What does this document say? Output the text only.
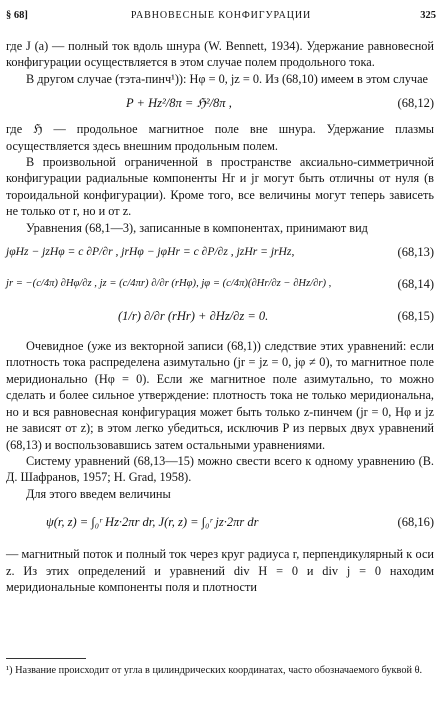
§ 68]	РАВНОВЕСНЫЕ КОНФИГУРАЦИИ	325

где J (a) — полный ток вдоль шнура (W. Bennett, 1934). Удержание равновесной конфигурации осуществляется в этом случае полем продольного тока.

В другом случае (тэта-пинч¹)): Hφ = 0, jz = 0. Из (68,10) имеем в этом случае

P + Hz²/8π = ℌ²/8π ,	(68,12)

где ℌ — продольное магнитное поле вне шнура. Удержание плазмы осуществляется здесь внешним продольным полем.

В произвольной ограниченной в пространстве аксиально-симметричной конфигурации радиальные компоненты Hr и jr могут быть отличны от нуля (в тороидальной конфигурации). Кроме того, все величины могут теперь зависеть не только от r, но и от z.

Уравнения (68,1—3), записанные в компонентах, принимают вид

jφHz − jzHφ = c ∂P/∂r , jrHφ − jφHr = c ∂P/∂z , jzHr = jrHz,	(68,13)
jr = −(c/4π) ∂Hφ/∂z , jz = (c/4πr) ∂/∂r (rHφ), jφ = (c/4π)(∂Hr/∂z − ∂Hz/∂r) ,	(68,14)
(1/r) ∂/∂r (rHr) + ∂Hz/∂z = 0.	(68,15)

Очевидное (уже из векторной записи (68,1)) следствие этих уравнений: если плотность тока распределена азимутально (jr = jz = 0, jφ ≠ 0), то магнитное поле меридионально (Hφ = 0). Если же магнитное поле азимутально, то можно сделать и более сильное утверждение: плотность тока не только меридиональна, но и вся равновесная конфигурация может быть только z-пинчем (jr = 0, Hφ и jz не зависят от z); в этом легко убедиться, исключив P из первых двух уравнений (68,13) и воспользовавшись затем остальными уравнениями.

Систему уравнений (68,13—15) можно свести всего к одному уравнению (В. Д. Шафранов, 1957; H. Grad, 1958).

Для этого введем величины

ψ(r, z) = ∫₀ʳ Hz·2πr dr, J(r, z) = ∫₀ʳ jz·2πr dr	(68,16)

— магнитный поток и полный ток через круг радиуса r, перпендикулярный к оси z. Из этих определений и уравнений div H = 0 и div j = 0 находим меридиональные компоненты поля и плотности

¹) Название происходит от угла в цилиндрических координатах, часто обозначаемого буквой θ.
